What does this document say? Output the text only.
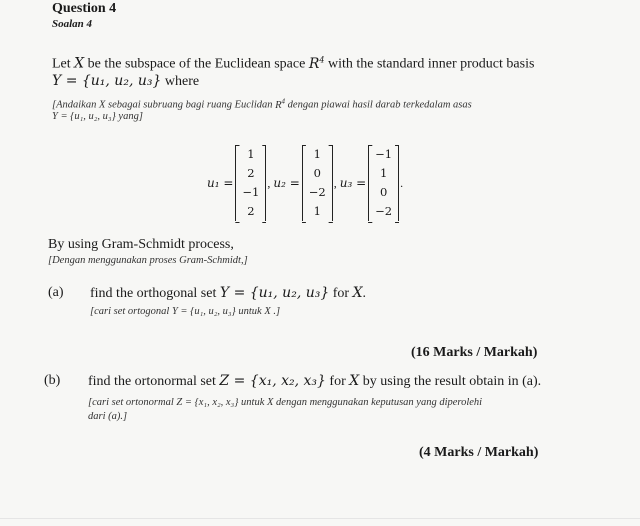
Question 4
Soalan 4
Let X be the subspace of the Euclidean space $R^4$ with the standard inner product basis
Y = {u₁, u₂, u₃} where
[Andaikan X sebagai subruang bagi ruang Euclidan $R^4$ dengan piawai hasil darab terkedalam asas
Y = {u₁, u₂, u₃} yang]
u₁ =
1
2
−1
2
, u₂ =
1
0
−2
1
, u₃ =
−1
1
0
−2
.
By using Gram-Schmidt process,
[Dengan menggunakan proses Gram-Schmidt,]
(a) find the orthogonal set Y = {u₁, u₂, u₃} for X.
[cari set ortogonal Y = {u₁, u₂, u₃} untuk X .]
(16 Marks / Markah)
(b) find the ortonormal set Z = {x₁, x₂, x₃} for X by using the result obtain in (a).
[cari set ortonormal Z = {x₁, x₂, x₃} untuk X dengan menggunakan keputusan yang diperolehi
dari (a).]
(4 Marks / Markah)
